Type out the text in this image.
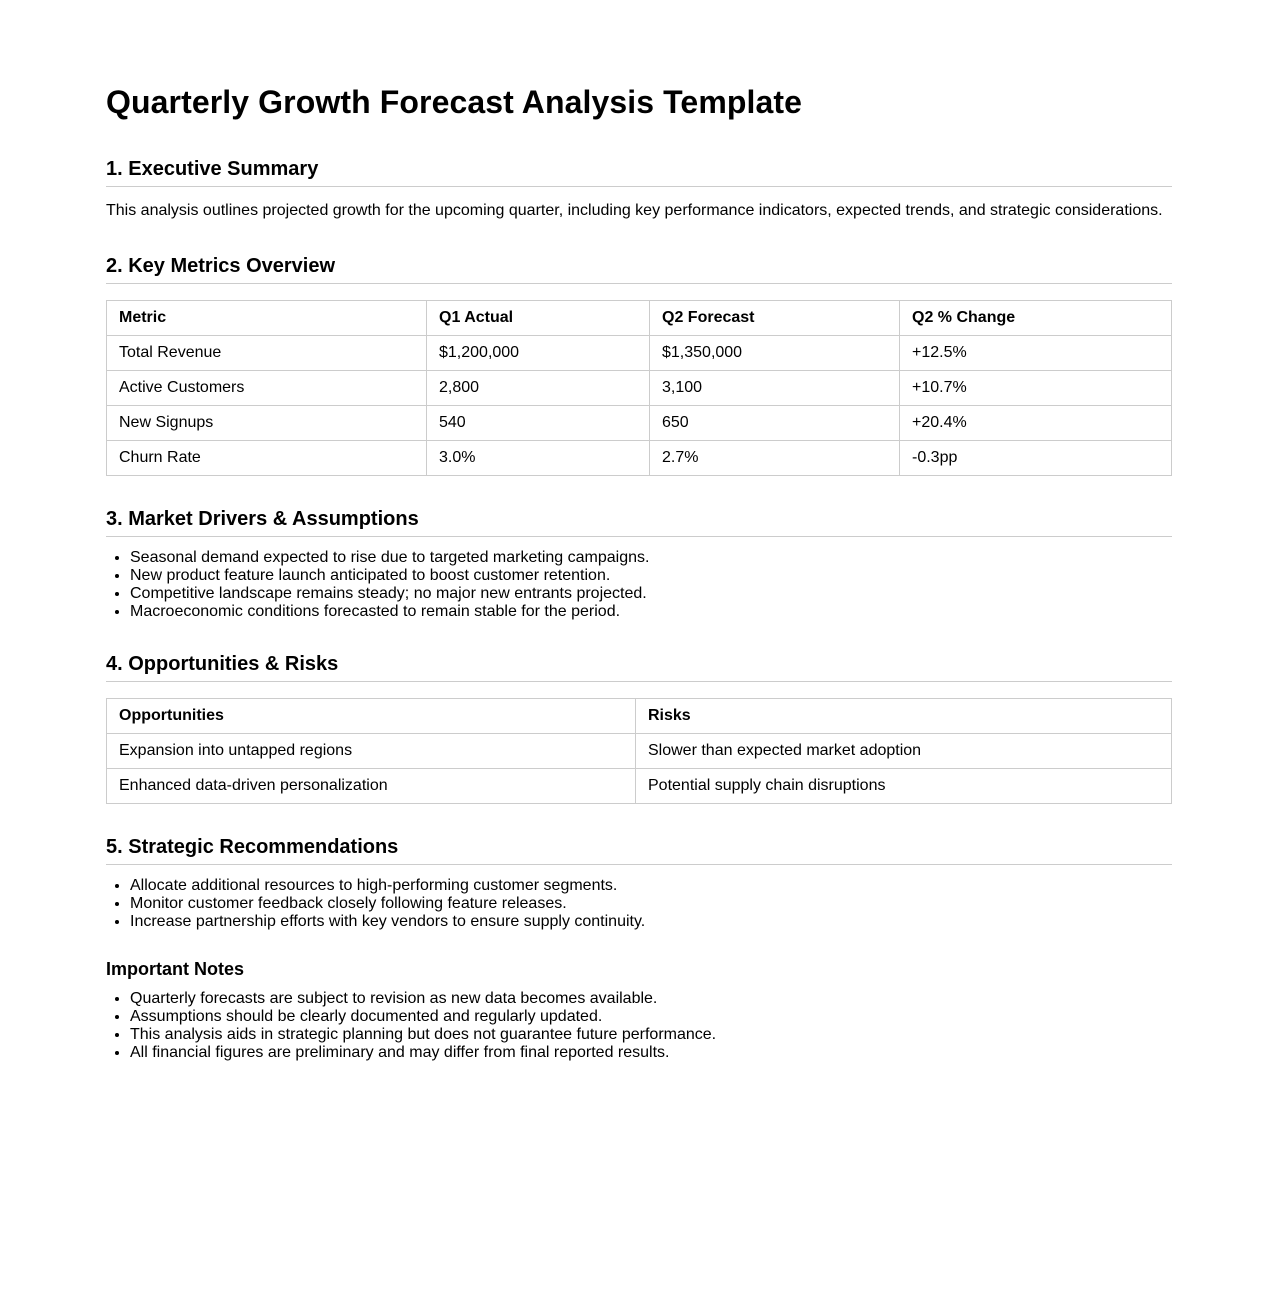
Quarterly Growth Forecast Analysis Template
1. Executive Summary

This analysis outlines projected growth for the upcoming quarter, including key performance indicators, expected trends, and strategic considerations.

2. Key Metrics Overview
Metric	Q1 Actual	Q2 Forecast	Q2 % Change
Total Revenue	$1,200,000	$1,350,000	+12.5%
Active Customers	2,800	3,100	+10.7%
New Signups	540	650	+20.4%
Churn Rate	3.0%	2.7%	-0.3pp
3. Market Drivers & Assumptions
• Seasonal demand expected to rise due to targeted marketing campaigns.
• New product feature launch anticipated to boost customer retention.
• Competitive landscape remains steady; no major new entrants projected.
• Macroeconomic conditions forecasted to remain stable for the period.
4. Opportunities & Risks
Opportunities	Risks
Expansion into untapped regions	Slower than expected market adoption
Enhanced data-driven personalization	Potential supply chain disruptions
5. Strategic Recommendations
• Allocate additional resources to high-performing customer segments.
• Monitor customer feedback closely following feature releases.
• Increase partnership efforts with key vendors to ensure supply continuity.
Important Notes
• Quarterly forecasts are subject to revision as new data becomes available.
• Assumptions should be clearly documented and regularly updated.
• This analysis aids in strategic planning but does not guarantee future performance.
• All financial figures are preliminary and may differ from final reported results.
